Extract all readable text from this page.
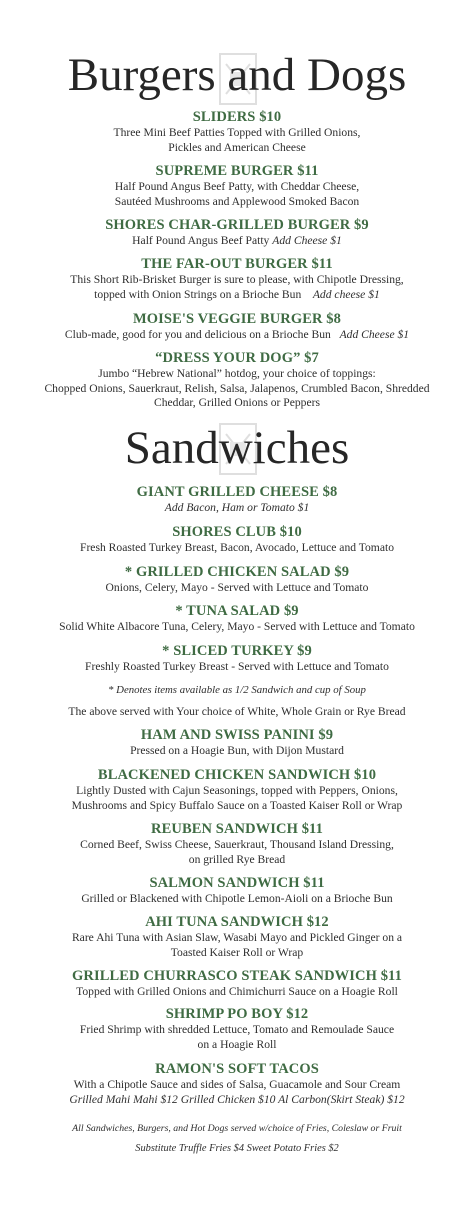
Burgers and Dogs
SLIDERS $10
Three Mini Beef Patties Topped with Grilled Onions,
Pickles and American Cheese
SUPREME BURGER $11
Half Pound Angus Beef Patty, with Cheddar Cheese,
Sautéed Mushrooms and Applewood Smoked Bacon
SHORES CHAR-GRILLED BURGER $9
Half Pound Angus Beef Patty Add Cheese $1
THE FAR-OUT BURGER $11
This Short Rib-Brisket Burger is sure to please, with Chipotle Dressing,
topped with Onion Strings on a Brioche Bun Add cheese $1
MOISE'S VEGGIE BURGER $8
Club-made, good for you and delicious on a Brioche Bun Add Cheese $1
“DRESS YOUR DOG” $7
Jumbo “Hebrew National” hotdog, your choice of toppings:
Chopped Onions, Sauerkraut, Relish, Salsa, Jalapenos, Crumbled Bacon, Shredded
Cheddar, Grilled Onions or Peppers
Sandwiches
GIANT GRILLED CHEESE $8
Add Bacon, Ham or Tomato $1
SHORES CLUB $10
Fresh Roasted Turkey Breast, Bacon, Avocado, Lettuce and Tomato
* GRILLED CHICKEN SALAD $9
Onions, Celery, Mayo - Served with Lettuce and Tomato
* TUNA SALAD $9
Solid White Albacore Tuna, Celery, Mayo - Served with Lettuce and Tomato
* SLICED TURKEY $9
Freshly Roasted Turkey Breast - Served with Lettuce and Tomato
* Denotes items available as 1/2 Sandwich and cup of Soup
The above served with Your choice of White, Whole Grain or Rye Bread
HAM AND SWISS PANINI $9
Pressed on a Hoagie Bun, with Dijon Mustard
BLACKENED CHICKEN SANDWICH $10
Lightly Dusted with Cajun Seasonings, topped with Peppers, Onions,
Mushrooms and Spicy Buffalo Sauce on a Toasted Kaiser Roll or Wrap
REUBEN SANDWICH $11
Corned Beef, Swiss Cheese, Sauerkraut, Thousand Island Dressing,
on grilled Rye Bread
SALMON SANDWICH $11
Grilled or Blackened with Chipotle Lemon-Aioli on a Brioche Bun
AHI TUNA SANDWICH $12
Rare Ahi Tuna with Asian Slaw, Wasabi Mayo and Pickled Ginger on a
Toasted Kaiser Roll or Wrap
GRILLED CHURRASCO STEAK SANDWICH $11
Topped with Grilled Onions and Chimichurri Sauce on a Hoagie Roll
SHRIMP PO BOY $12
Fried Shrimp with shredded Lettuce, Tomato and Remoulade Sauce
on a Hoagie Roll
RAMON'S SOFT TACOS
With a Chipotle Sauce and sides of Salsa, Guacamole and Sour Cream
Grilled Mahi Mahi $12 Grilled Chicken $10 Al Carbon(Skirt Steak) $12
All Sandwiches, Burgers, and Hot Dogs served w/choice of Fries, Coleslaw or Fruit
Substitute Truffle Fries $4 Sweet Potato Fries $2
